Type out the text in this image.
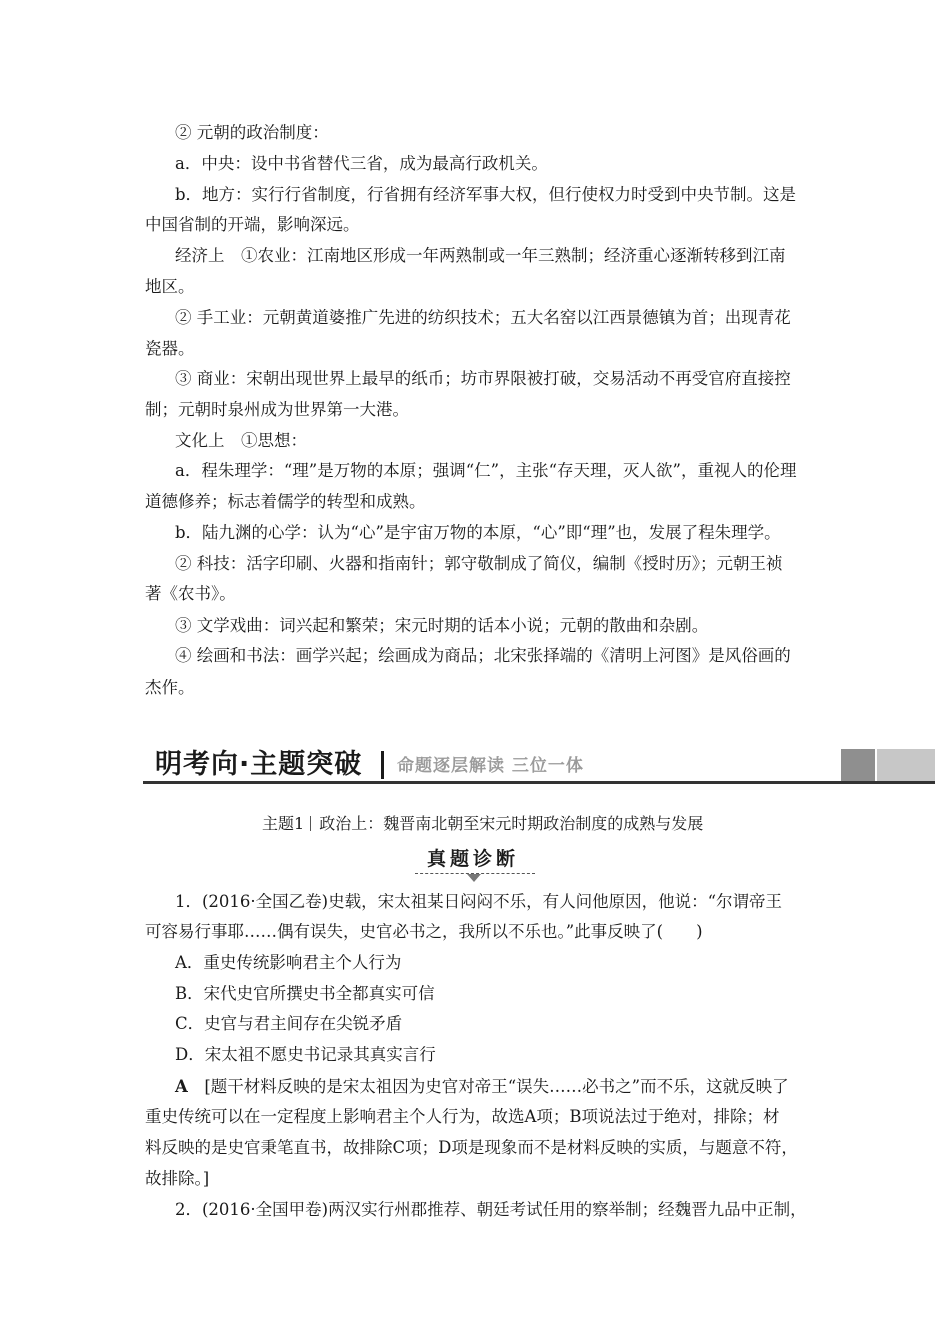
② 元朝的政治制度：
a．中央：设中书省替代三省，成为最高行政机关。
b．地方：实行行省制度，行省拥有经济军事大权，但行使权力时受到中央节制。这是
中国省制的开端，影响深远。
经济上　①农业：江南地区形成一年两熟制或一年三熟制；经济重心逐渐转移到江南
地区。
② 手工业：元朝黄道婆推广先进的纺织技术；五大名窑以江西景德镇为首；出现青花
瓷器。
③ 商业：宋朝出现世界上最早的纸币；坊市界限被打破，交易活动不再受官府直接控
制；元朝时泉州成为世界第一大港。
文化上　①思想：
a．程朱理学：“理”是万物的本原；强调“仁”，主张“存天理，灭人欲”，重视人的伦理
道德修养；标志着儒学的转型和成熟。
b．陆九渊的心学：认为“心”是宇宙万物的本原，“心”即“理”也，发展了程朱理学。
② 科技：活字印刷、火器和指南针；郭守敬制成了简仪，编制《授时历》；元朝王祯
著《农书》。
③ 文学戏曲：词兴起和繁荣；宋元时期的话本小说；元朝的散曲和杂剧。
④ 绘画和书法：画学兴起；绘画成为商品；北宋张择端的《清明上河图》是风俗画的
杰作。
明考向·主题突破 命题逐层解读 三位一体
主题1 政治上：魏晋南北朝至宋元时期政治制度的成熟与发展
真题诊断
1．(2016·全国乙卷)史载，宋太祖某日闷闷不乐，有人问他原因，他说：“尔谓帝王
可容易行事耶……偶有误失，史官必书之，我所以不乐也。”此事反映了(　　)
A．重史传统影响君主个人行为
B．宋代史官所撰史书全都真实可信
C．史官与君主间存在尖锐矛盾
D．宋太祖不愿史书记录其真实言行
A　 [题干材料反映的是宋太祖因为史官对帝王“误失……必书之”而不乐，这就反映了
重史传统可以在一定程度上影响君主个人行为，故选A项；B项说法过于绝对，排除；材
料反映的是史官秉笔直书，故排除C项；D项是现象而不是材料反映的实质，与题意不符，
故排除。]
2．(2016·全国甲卷)两汉实行州郡推荐、朝廷考试任用的察举制；经魏晋九品中正制，
